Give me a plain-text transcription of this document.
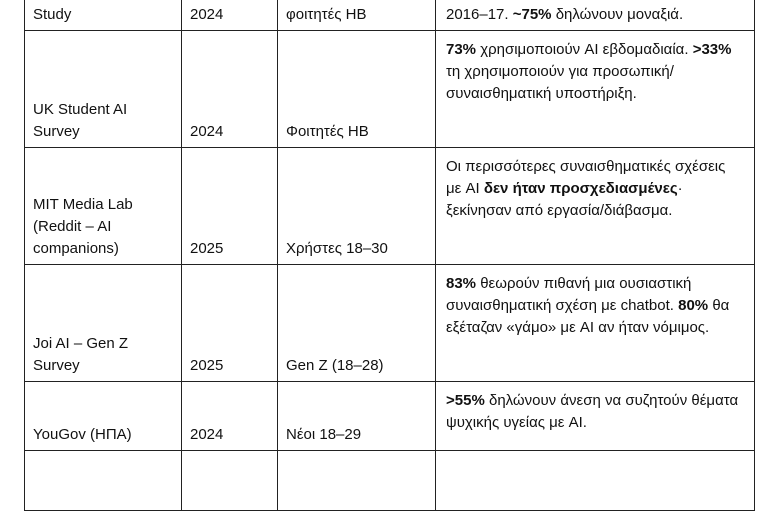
Study	2024	φοιτητές ΗΒ	2016–17. ~75% δηλώνουν μοναξιά.
UK Student AI Survey	2024	Φοιτητές ΗΒ	73% χρησιμοποιούν AI εβδομαδιαία. >33% τη χρησιμοποιούν για προσωπική/συναισθηματική υποστήριξη.
MIT Media Lab (Reddit – AI companions)	2025	Χρήστες 18–30	Οι περισσότερες συναισθηματικές σχέσεις με AI δεν ήταν προσχεδιασμένες· ξεκίνησαν από εργασία/διάβασμα.
Joi AI – Gen Z Survey	2025	Gen Z (18–28)	83% θεωρούν πιθανή μια ουσιαστική συναισθηματική σχέση με chatbot. 80% θα εξέταζαν «γάμο» με AI αν ήταν νόμιμος.
YouGov (ΗΠΑ)	2024	Νέοι 18–29	>55% δηλώνουν άνεση να συζητούν θέματα ψυχικής υγείας με AI.
